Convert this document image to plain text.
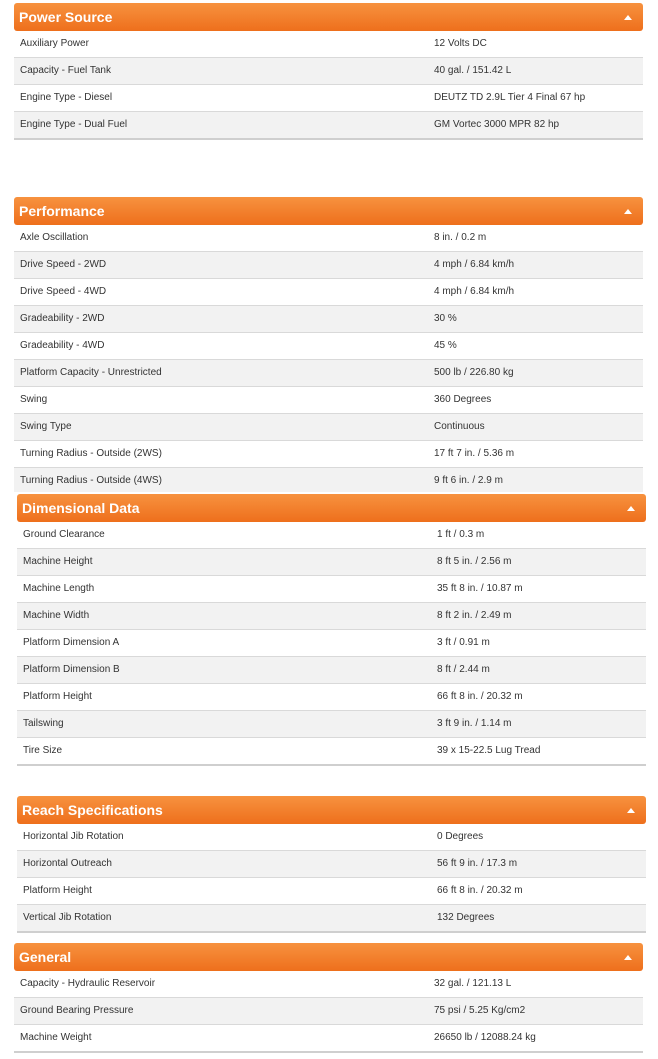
Power Source
Auxiliary Power	12 Volts DC
Capacity - Fuel Tank	40 gal. / 151.42 L
Engine Type - Diesel	DEUTZ TD 2.9L Tier 4 Final 67 hp
Engine Type - Dual Fuel	GM Vortec 3000 MPR 82 hp
Performance
Axle Oscillation	8 in. / 0.2 m
Drive Speed - 2WD	4 mph / 6.84 km/h
Drive Speed - 4WD	4 mph / 6.84 km/h
Gradeability - 2WD	30 %
Gradeability - 4WD	45 %
Platform Capacity - Unrestricted	500 lb / 226.80 kg
Swing	360 Degrees
Swing Type	Continuous
Turning Radius - Outside (2WS)	17 ft 7 in. / 5.36 m
Turning Radius - Outside (4WS)	9 ft 6 in. / 2.9 m
Dimensional Data
Ground Clearance	1 ft / 0.3 m
Machine Height	8 ft 5 in. / 2.56 m
Machine Length	35 ft 8 in. / 10.87 m
Machine Width	8 ft 2 in. / 2.49 m
Platform Dimension A	3 ft / 0.91 m
Platform Dimension B	8 ft / 2.44 m
Platform Height	66 ft 8 in. / 20.32 m
Tailswing	3 ft 9 in. / 1.14 m
Tire Size	39 x 15-22.5 Lug Tread
Reach Specifications
Horizontal Jib Rotation	0 Degrees
Horizontal Outreach	56 ft 9 in. / 17.3 m
Platform Height	66 ft 8 in. / 20.32 m
Vertical Jib Rotation	132 Degrees
General
Capacity - Hydraulic Reservoir	32 gal. / 121.13 L
Ground Bearing Pressure	75 psi / 5.25 Kg/cm2
Machine Weight	26650 lb / 12088.24 kg
